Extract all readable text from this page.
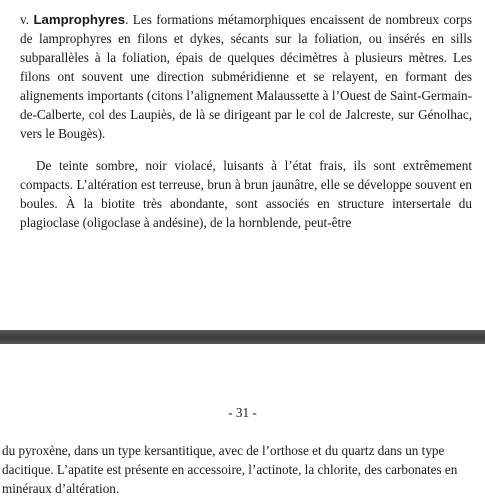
v. Lamprophyres. Les formations métamorphiques encaissent de nombreux corps de lamprophyres en filons et dykes, sécants sur la foliation, ou insérés en sills subparallèles à la foliation, épais de quelques décimètres à plusieurs mètres. Les filons ont souvent une direction subméridienne et se relayent, en formant des alignements importants (citons l’alignement Malaussette à l’Ouest de Saint-Germain-de-Calberte, col des Laupiès, de là se dirigeant par le col de Jalcreste, sur Génolhac, vers le Bougès).

De teinte sombre, noir violacé, luisants à l’état frais, ils sont extrêmement compacts. L’altération est terreuse, brun à brun jaunâtre, elle se développe souvent en boules. À la biotite très abondante, sont associés en structure intersertale du plagioclase (oligoclase à andésine), de la hornblende, peut-être

- 31 -

du pyroxène, dans un type kersantitique, avec de l’orthose et du quartz dans un type dacitique. L’apatite est présente en accessoire, l’actinote, la chlorite, des carbonates en minéraux d’altération.
